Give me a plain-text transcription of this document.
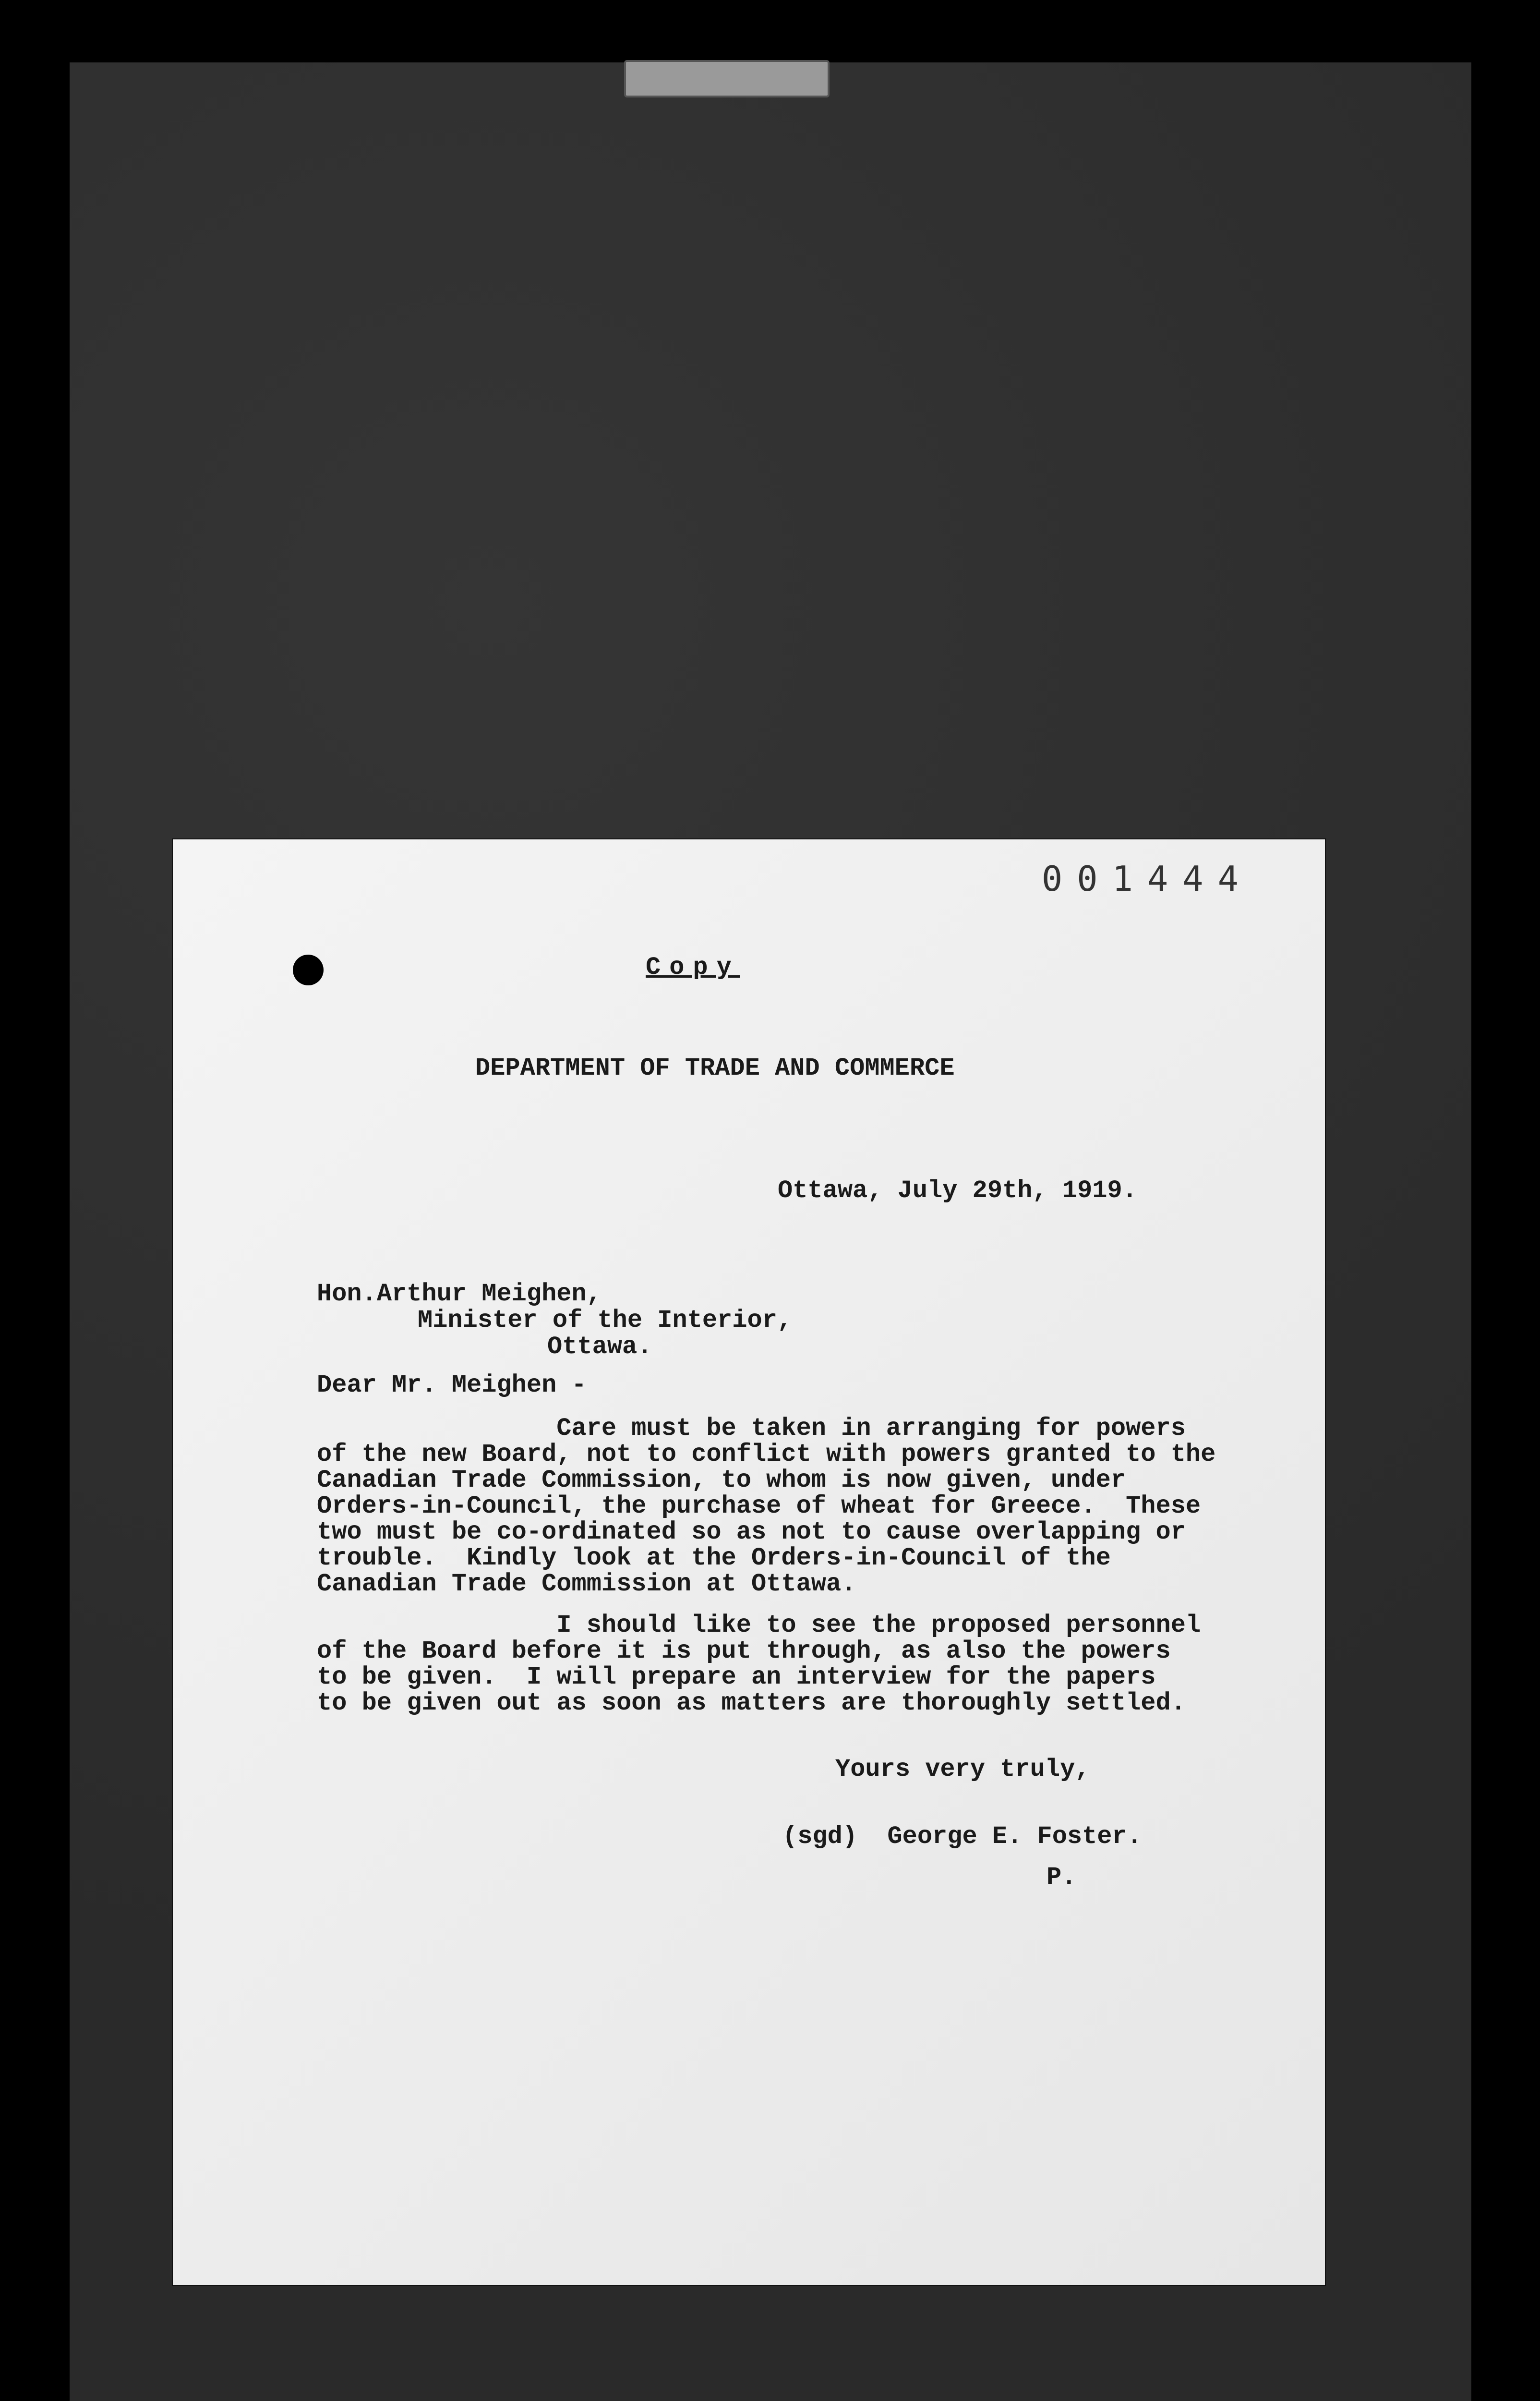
001444
Copy
DEPARTMENT OF TRADE AND COMMERCE
Ottawa, July 29th, 1919.
Hon.Arthur Meighen,
Minister of the Interior,
Ottawa.
Dear Mr. Meighen -
Care must be taken in arranging for powers
of the new Board, not to conflict with powers granted to the
Canadian Trade Commission, to whom is now given, under
Orders-in-Council, the purchase of wheat for Greece.  These
two must be co-ordinated so as not to cause overlapping or
trouble.  Kindly look at the Orders-in-Council of the
Canadian Trade Commission at Ottawa.
I should like to see the proposed personnel
of the Board before it is put through, as also the powers
to be given.  I will prepare an interview for the papers
to be given out as soon as matters are thoroughly settled.
Yours very truly,
(sgd)  George E. Foster.
P.
